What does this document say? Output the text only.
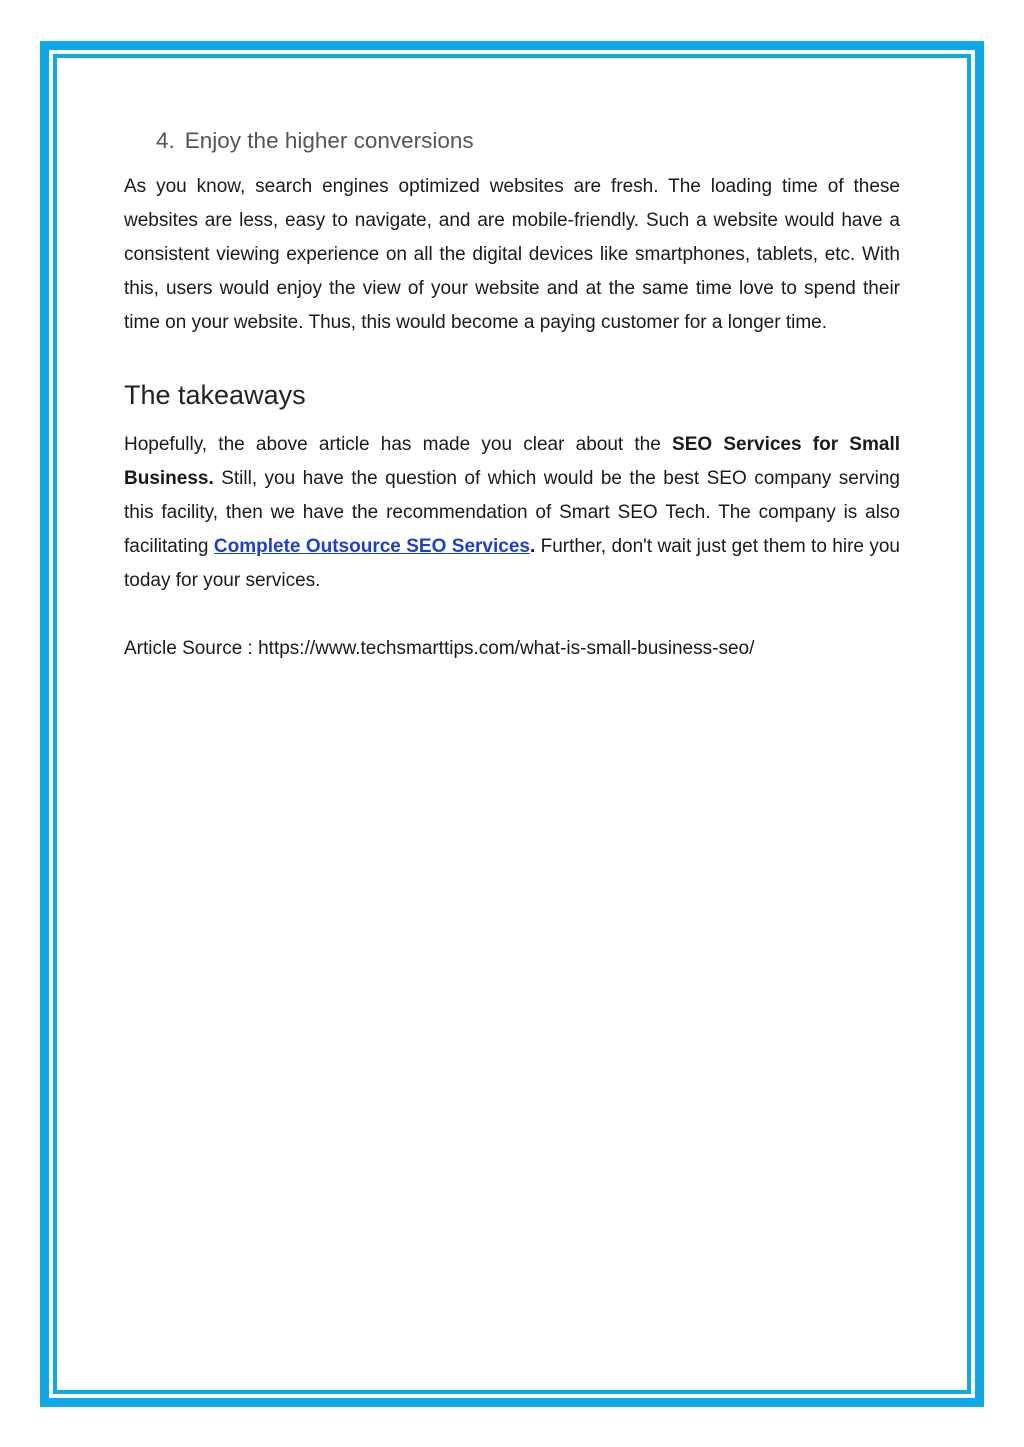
4. Enjoy the higher conversions

As you know, search engines optimized websites are fresh. The loading time of these websites are less, easy to navigate, and are mobile-friendly. Such a website would have a consistent viewing experience on all the digital devices like smartphones, tablets, etc. With this, users would enjoy the view of your website and at the same time love to spend their time on your website. Thus, this would become a paying customer for a longer time.

The takeaways

Hopefully, the above article has made you clear about the SEO Services for Small Business. Still, you have the question of which would be the best SEO company serving this facility, then we have the recommendation of Smart SEO Tech. The company is also facilitating Complete Outsource SEO Services. Further, don't wait just get them to hire you today for your services.

Article Source : https://www.techsmarttips.com/what-is-small-business-seo/
